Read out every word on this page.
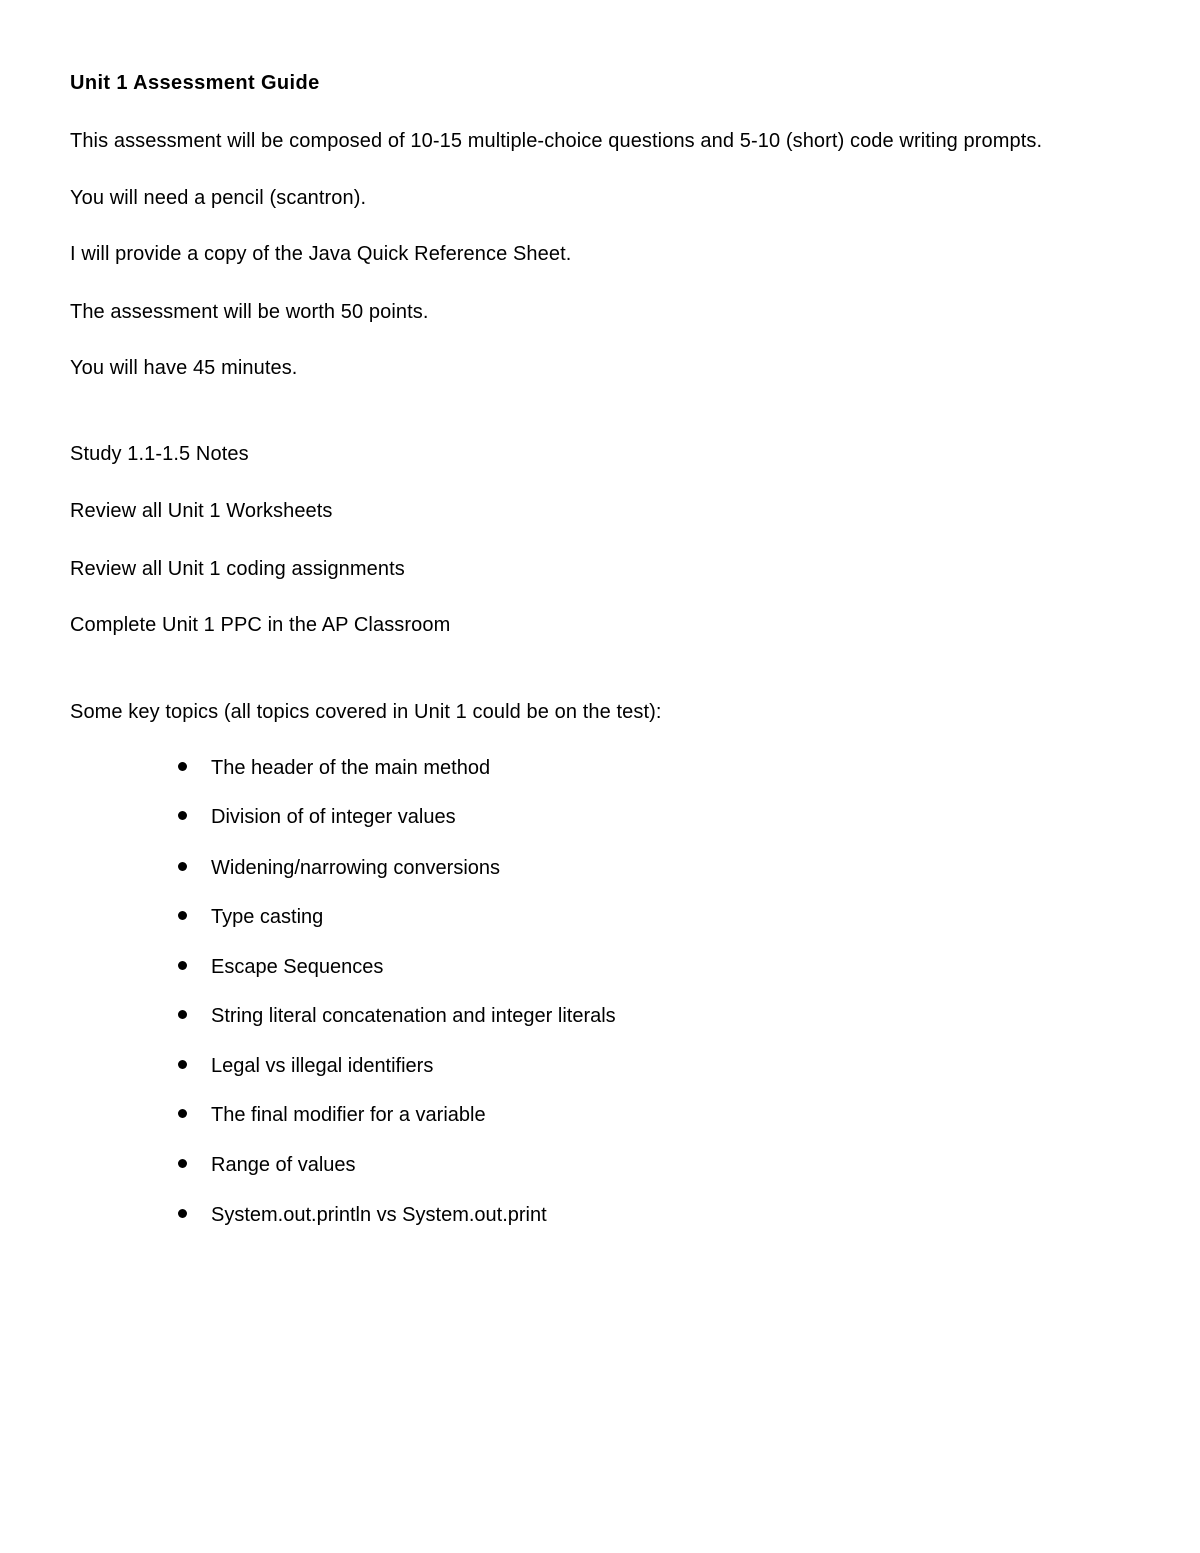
Unit 1 Assessment Guide
This assessment will be composed of 10-15 multiple-choice questions and 5-10 (short) code writing prompts.
You will need a pencil (scantron).
I will provide a copy of the Java Quick Reference Sheet.
The assessment will be worth 50 points.
You will have 45 minutes.
Study 1.1-1.5 Notes
Review all Unit 1 Worksheets
Review all Unit 1 coding assignments
Complete Unit 1 PPC in the AP Classroom
Some key topics (all topics covered in Unit 1 could be on the test):
The header of the main method
Division of of integer values
Widening/narrowing conversions
Type casting
Escape Sequences
String literal concatenation and integer literals
Legal vs illegal identifiers
The final modifier for a variable
Range of values
System.out.println vs System.out.print
